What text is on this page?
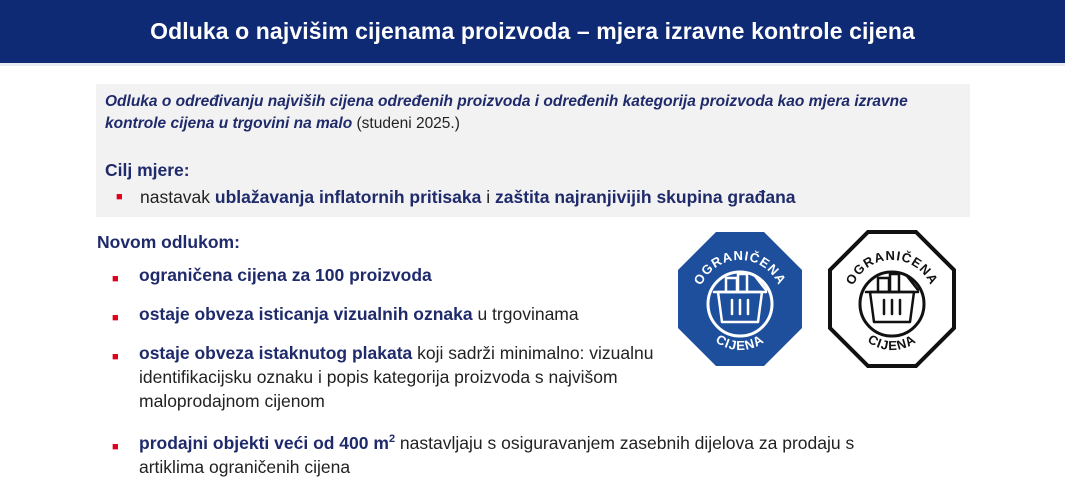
Odluka o najvišim cijenama proizvoda – mjera izravne kontrole cijena
Odluka o određivanju najviših cijena određenih proizvoda i određenih kategorija proizvoda kao mjera izravne kontrole cijena u trgovini na malo (studeni 2025.)
Cilj mjere:
■ nastavak ublažavanja inflatornih pritisaka i zaštita najranjivijih skupina građana
Novom odlukom:
■ ograničena cijena za 100 proizvoda
■ ostaje obveza isticanja vizualnih oznaka u trgovinama
■ ostaje obveza istaknutog plakata koji sadrži minimalno: vizualnu identifikacijsku oznaku i popis kategorija proizvoda s najvišom maloprodajnom cijenom
■ prodajni objekti veći od 400 $m^2$ nastavljaju s osiguravanjem zasebnih dijelova za prodaju s artiklima ograničenih cijena
OGRANIČENA
CIJENA
OGRANIČENA
CIJENA
